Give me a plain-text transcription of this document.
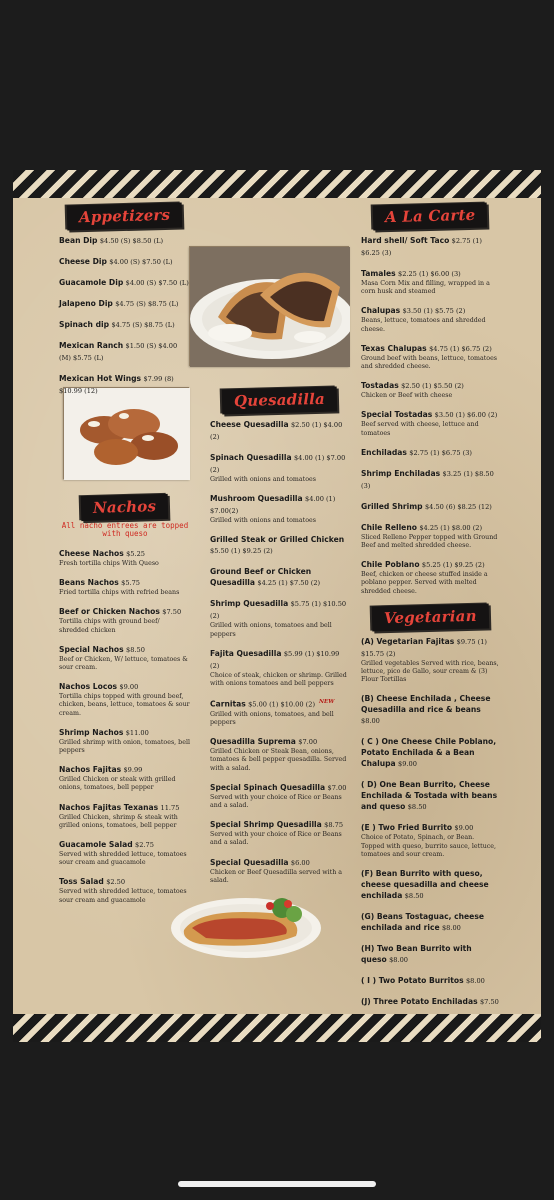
Appetizers
Bean Dip $4.50 (S) $8.50 (L)
Cheese Dip $4.00 (S) $7.50 (L)
Guacamole Dip $4.00 (S) $7.50 (L)
Jalapeno Dip $4.75 (S) $8.75 (L)
Spinach dip $4.75 (S) $8.75 (L)
Mexican Ranch $1.50 (S) $4.00 (M) $5.75 (L)
Mexican Hot Wings $7.99 (8) $10.99 (12)
Nachos
All nacho entrees are topped with queso
Cheese Nachos $5.25
Fresh tortilla chips With Queso
Beans Nachos $5.75
Fried tortilla chips with refried beans
Beef or Chicken Nachos $7.50
Tortilla chips with ground beef/ shredded chicken
Special Nachos $8.50
Beef or Chicken, W/ lettuce, tomatoes & sour cream.
Nachos Locos $9.00
Tortilla chips topped with ground beef, chicken, beans, lettuce, tomatoes & sour cream.
Shrimp Nachos $11.00
Grilled shrimp with onion, tomatoes, bell peppers
Nachos Fajitas $9.99
Grilled Chicken or steak with grilled onions, tomatoes, bell pepper
Nachos Fajitas Texanas 11.75
Grilled Chicken, shrimp & steak with grilled onions, tomatoes, bell pepper
Guacamole Salad $2.75
Served with shredded lettuce, tomatoes sour cream and guacamole
Toss Salad $2.50
Served with shredded lettuce, tomatoes sour cream and guacamole
Quesadilla
Cheese Quesadilla $2.50 (1) $4.00 (2)
Spinach Quesadilla $4.00 (1) $7.00 (2)
Grilled with onions and tomatoes
Mushroom Quesadilla $4.00 (1) $7.00(2)
Grilled with onions and tomatoes
Grilled Steak or Grilled Chicken $5.50 (1) $9.25 (2)
Ground Beef or Chicken Quesadilla $4.25 (1) $7.50 (2)
Shrimp Quesadilla $5.75 (1) $10.50 (2)
Grilled with onions, tomatoes and bell peppers
Fajita Quesadilla $5.99 (1) $10.99 (2)
Choice of steak, chicken or shrimp. Grilled with onions tomatoes and bell peppers
Carnitas $5.00 (1) $10.00 (2) $^{NEW}$
Grilled with onions, tomatoes, and bell peppers
Quesadilla Suprema $7.00
Grilled Chicken or Steak Bean, onions, tomatoes & bell pepper quesadilla. Served with a salad.
Special Spinach Quesadilla $7.00
Served with your choice of Rice or Beans and a salad.
Special Shrimp Quesadilla $8.75
Served with your choice of Rice or Beans and a salad.
Special Quesadilla $6.00
Chicken or Beef Quesadilla served with a salad.
A La Carte
Hard shell/ Soft Taco $2.75 (1) $6.25 (3)
Tamales $2.25 (1) $6.00 (3)
Masa Corn Mix and filling, wrapped in a corn husk and steamed
Chalupas $3.50 (1) $5.75 (2)
Beans, lettuce, tomatoes and shredded cheese.
Texas Chalupas $4.75 (1) $6.75 (2)
Ground beef with beans, lettuce, tomatoes and shredded cheese.
Tostadas $2.50 (1) $5.50 (2)
Chicken or Beef with cheese
Special Tostadas $3.50 (1) $6.00 (2)
Beef served with cheese, lettuce and tomatoes
Enchiladas $2.75 (1) $6.75 (3)
Shrimp Enchiladas $3.25 (1) $8.50 (3)
Grilled Shrimp $4.50 (6) $8.25 (12)
Chile Relleno $4.25 (1) $8.00 (2)
Sliced Relleno Pepper topped with Ground Beef and melted shredded cheese.
Chile Poblano $5.25 (1) $9.25 (2)
Beef, chicken or cheese stuffed inside a poblano pepper. Served with melted shredded cheese.
Vegetarian
(A) Vegetarian Fajitas $9.75 (1) $15.75 (2)
Grilled vegetables Served with rice, beans, lettuce, pico de Gallo, sour cream & (3) Flour Tortillas
(B) Cheese Enchilada , Cheese Quesadilla and rice & beans $8.00
( C ) One Cheese Chile Poblano, Potato Enchilada & a Bean Chalupa $9.00
( D) One Bean Burrito, Cheese Enchilada & Tostada with beans and queso $8.50
(E ) Two Fried Burrito $9.00
Choice of Potato, Spinach, or Bean. Topped with queso, burrito sauce, lettuce, tomatoes and sour cream.
(F) Bean Burrito with queso, cheese quesadilla and cheese enchilada $8.50
(G) Beans Tostaguac, cheese enchilada and rice $8.00
(H) Two Bean Burrito with queso $8.00
( I ) Two Potato Burritos $8.00
(J) Three Potato Enchiladas $7.50
